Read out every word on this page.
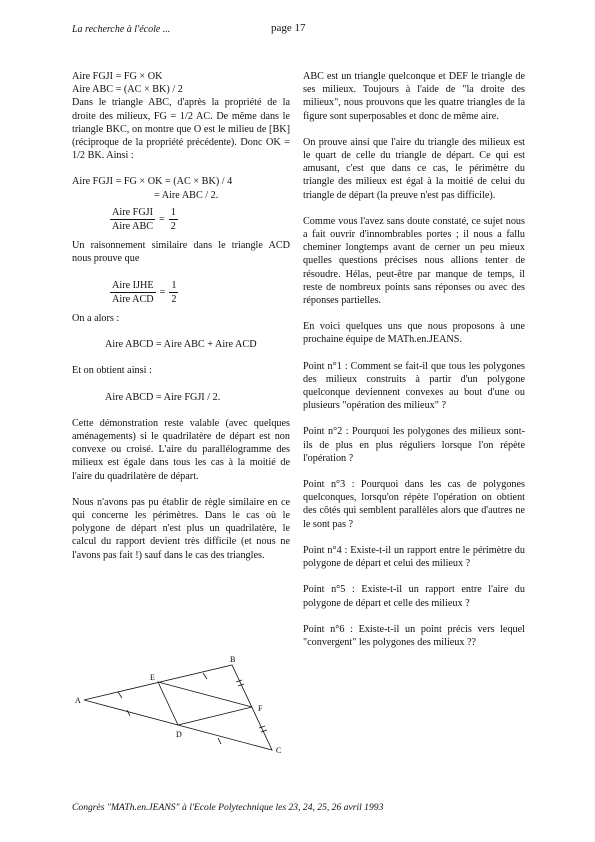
La recherche à l'école ...	page 17
Aire FGJI = FG × OK
Aire ABC = (AC × BK) / 2

Dans le triangle ABC, d'après la propriété de la droite des milieux, FG = 1/2 AC. De même dans le triangle BKC, on montre que O est le milieu de [BK] (réciproque de la propriété précédente). Donc OK = 1/2 BK. Ainsi :

Aire FGJI = FG × OK = (AC × BK) / 4
= Aire ABC / 2.
$\frac{\text{Aire FGJI}}{\text{Aire ABC}} = \frac{1}{2}$

Un raisonnement similaire dans le triangle ACD nous prouve que

$\frac{\text{Aire IJHE}}{\text{Aire ACD}} = \frac{1}{2}$

On a alors :

Aire ABCD = Aire ABC + Aire ACD

Et on obtient ainsi :

Aire ABCD = Aire FGJI / 2.

Cette démonstration reste valable (avec quelques aménagements) si le quadrilatère de départ est non convexe ou croisé. L'aire du parallélogramme des milieux est égale dans tous les cas à la moitié de l'aire du quadrilatère de départ.

Nous n'avons pas pu établir de règle similaire en ce qui concerne les périmètres. Dans le cas où le polygone de départ n'est plus un quadrilatère, le calcul du rapport devient très difficile (et nous ne l'avons pas fait !) sauf dans le cas des triangles.

A
B
C
D
E
F

ABC est un triangle quelconque et DEF le triangle de ses milieux. Toujours à l'aide de "la droite des milieux", nous prouvons que les quatre triangles de la figure sont superposables et donc de même aire.

On prouve ainsi que l'aire du triangle des milieux est le quart de celle du triangle de départ. Ce qui est amusant, c'est que dans ce cas, le périmètre du triangle des milieux est égal à la moitié de celui du triangle de départ (la preuve n'est pas difficile).

Comme vous l'avez sans doute constaté, ce sujet nous a fait ouvrir d'innombrables portes ; il nous a fallu cheminer longtemps avant de cerner un peu mieux quelles questions précises nous allions tenter de résoudre. Hélas, peut-être par manque de temps, il reste de nombreux points sans réponses ou avec des réponses partielles.

En voici quelques uns que nous proposons à une prochaine équipe de MATh.en.JEANS.

Point n°1 : Comment se fait-il que tous les polygones des milieux construits à partir d'un polygone quelconque deviennent convexes au bout d'une ou plusieurs "opération des milieux" ?
Point n°2 : Pourquoi les polygones des milieux sont-ils de plus en plus réguliers lorsque l'on répète l'opération ?
Point n°3 : Pourquoi dans les cas de polygones quelconques, lorsqu'on répète l'opération on obtient des côtés qui semblent parallèles alors que d'autres ne le sont pas ?
Point n°4 : Existe-t-il un rapport entre le périmètre du polygone de départ et celui des milieux ?
Point n°5 : Existe-t-il un rapport entre l'aire du polygone de départ et celle des milieux ?
Point n°6 : Existe-t-il un point précis vers lequel "convergent" les polygones des milieux ??
Congrès "MATh.en.JEANS" à l'Ecole Polytechnique les 23, 24, 25, 26 avril 1993
